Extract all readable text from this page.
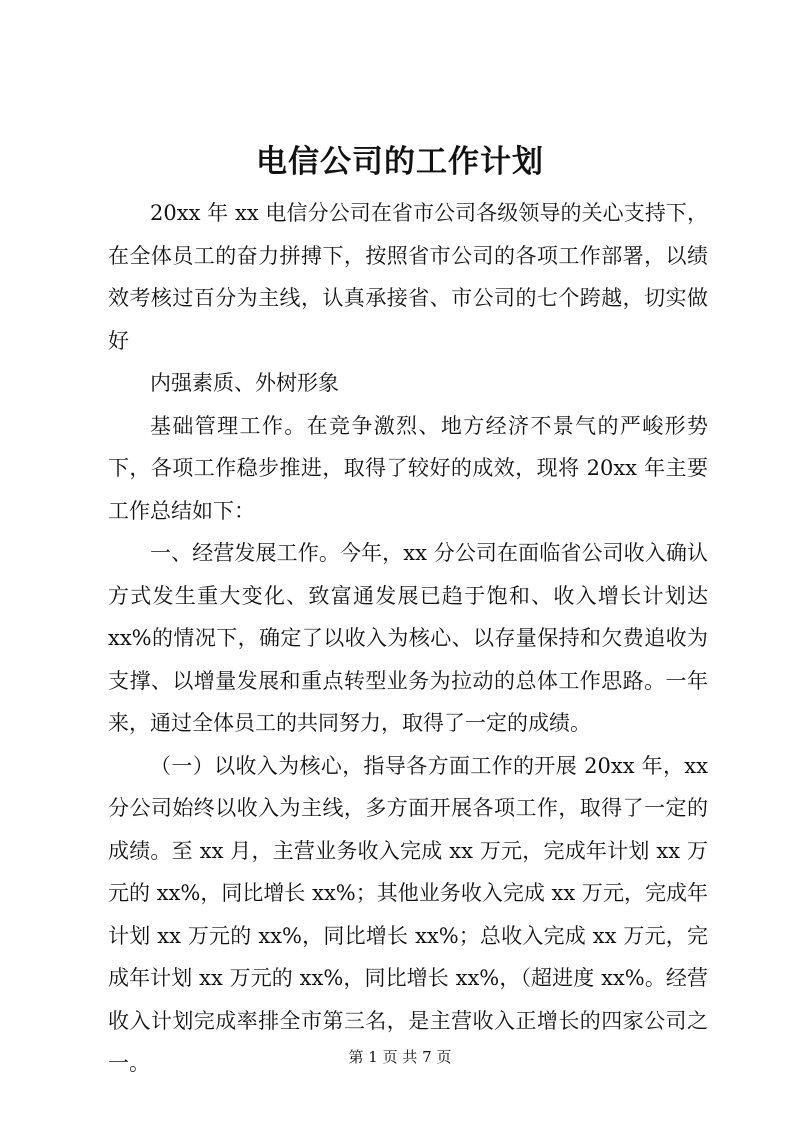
电信公司的工作计划

20xx 年 xx 电信分公司在省市公司各级领导的关心支持下，在全体员工的奋力拼搏下，按照省市公司的各项工作部署，以绩效考核过百分为主线，认真承接省、市公司的七个跨越，切实做好

内强素质、外树形象

基础管理工作。在竞争激烈、地方经济不景气的严峻形势下，各项工作稳步推进，取得了较好的成效，现将 20xx 年主要工作总结如下：

一、经营发展工作。今年，xx 分公司在面临省公司收入确认方式发生重大变化、致富通发展已趋于饱和、收入增长计划达 xx%的情况下，确定了以收入为核心、以存量保持和欠费追收为支撑、以增量发展和重点转型业务为拉动的总体工作思路。一年来，通过全体员工的共同努力，取得了一定的成绩。

（一）以收入为核心，指导各方面工作的开展 20xx 年，xx 分公司始终以收入为主线，多方面开展各项工作，取得了一定的成绩。至 xx 月，主营业务收入完成 xx 万元，完成年计划 xx 万元的 xx%，同比增长 xx%；其他业务收入完成 xx 万元，完成年计划 xx 万元的 xx%，同比增长 xx%；总收入完成 xx 万元，完成年计划 xx 万元的 xx%，同比增长 xx%，（超进度 xx%。经营收入计划完成率排全市第三名，是主营收入正增长的四家公司之一。	第 1 页 共 7 页
